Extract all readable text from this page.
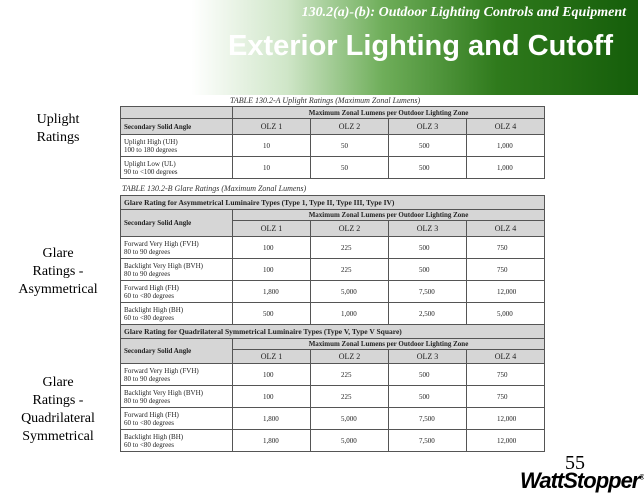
130.2(a)-(b): Outdoor Lighting Controls and Equipment
Exterior Lighting and Cutoff
Uplight
Ratings
Glare
Ratings -
Asymmetrical
Glare
Ratings -
Quadrilateral
Symmetrical
TABLE 130.2-A Uplight Ratings (Maximum Zonal Lumens)
	Maximum Zonal Lumens per Outdoor Lighting Zone			
Secondary Solid Angle	OLZ 1	OLZ 2	OLZ 3	OLZ 4
Uplight High (UH)
100 to 180 degrees	10	50	500	1,000
Uplight Low (UL)
90 to <100 degrees	10	50	500	1,000
TABLE 130.2-B Glare Ratings (Maximum Zonal Lumens)
Glare Rating for Asymmetrical Luminaire Types (Type 1, Type II, Type III, Type IV)				
Secondary Solid Angle	Maximum Zonal Lumens per Outdoor Lighting Zone			
	OLZ 1	OLZ 2	OLZ 3	OLZ 4
Forward Very High (FVH)
80 to 90 degrees	100	225	500	750
Backlight Very High (BVH)
80 to 90 degrees	100	225	500	750
Forward High (FH)
60 to <80 degrees	1,800	5,000	7,500	12,000
Backlight High (BH)
60 to <80 degrees	500	1,000	2,500	5,000
Glare Rating for Quadrilateral Symmetrical Luminaire Types (Type V, Type V Square)				
Secondary Solid Angle	Maximum Zonal Lumens per Outdoor Lighting Zone			
	OLZ 1	OLZ 2	OLZ 3	OLZ 4
Forward Very High (FVH)
80 to 90 degrees	100	225	500	750
Backlight Very High (BVH)
80 to 90 degrees	100	225	500	750
Forward High (FH)
60 to <80 degrees	1,800	5,000	7,500	12,000
Backlight High (BH)
60 to <80 degrees	1,800	5,000	7,500	12,000
55
WattStopper®
